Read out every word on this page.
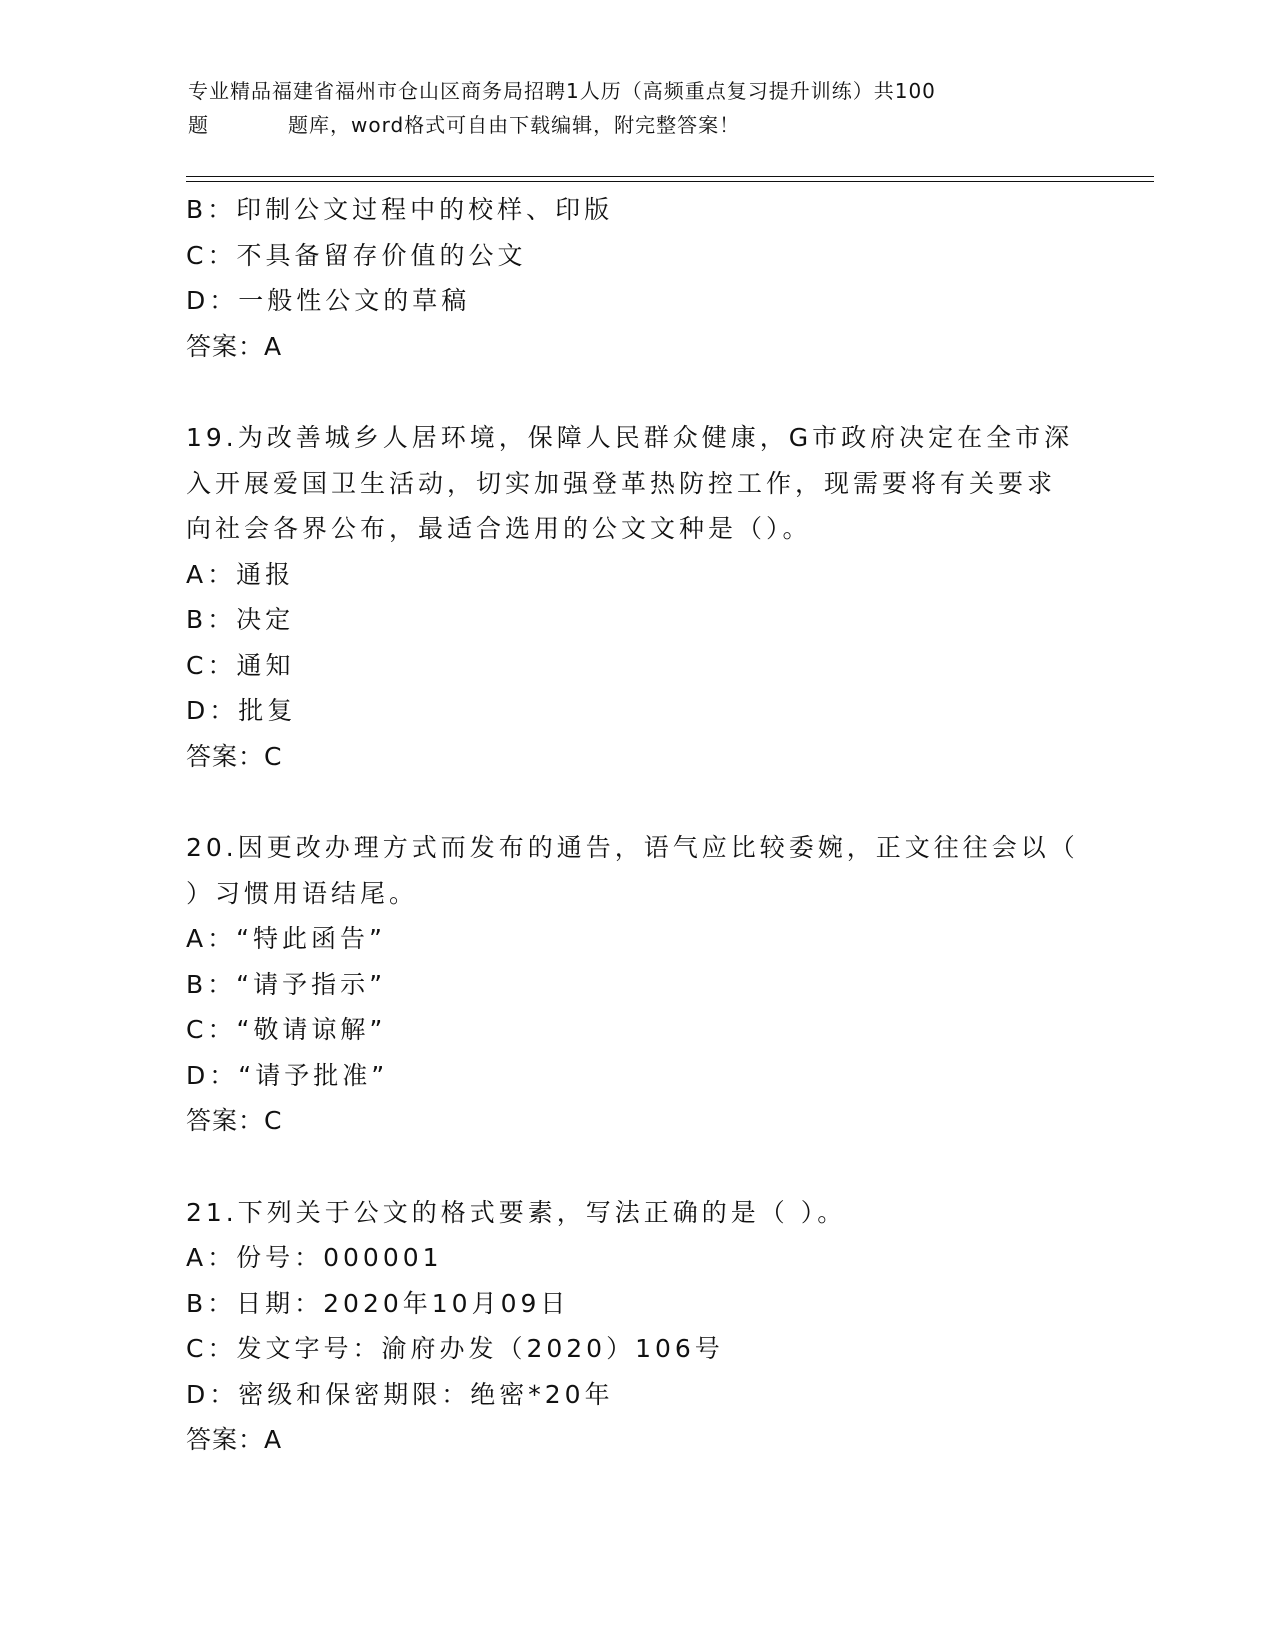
专业精品福建省福州市仓山区商务局招聘1人历（高频重点复习提升训练）共100
题	题库，word格式可自由下载编辑，附完整答案！
B：印制公文过程中的校样、印版
C：不具备留存价值的公文
D：一般性公文的草稿
答案：A
19.为改善城乡人居环境，保障人民群众健康，G市政府决定在全市深
入开展爱国卫生活动，切实加强登革热防控工作，现需要将有关要求
向社会各界公布，最适合选用的公文文种是（）。
A：通报
B：决定
C：通知
D：批复
答案：C
20.因更改办理方式而发布的通告，语气应比较委婉，正文往往会以（
）习惯用语结尾。
A：“特此函告”
B：“请予指示”
C：“敬请谅解”
D：“请予批准”
答案：C
21.下列关于公文的格式要素，写法正确的是（ ）。
A：份号：000001
B：日期：2020年10月09日
C：发文字号：渝府办发（2020）106号
D：密级和保密期限：绝密*20年
答案：A
